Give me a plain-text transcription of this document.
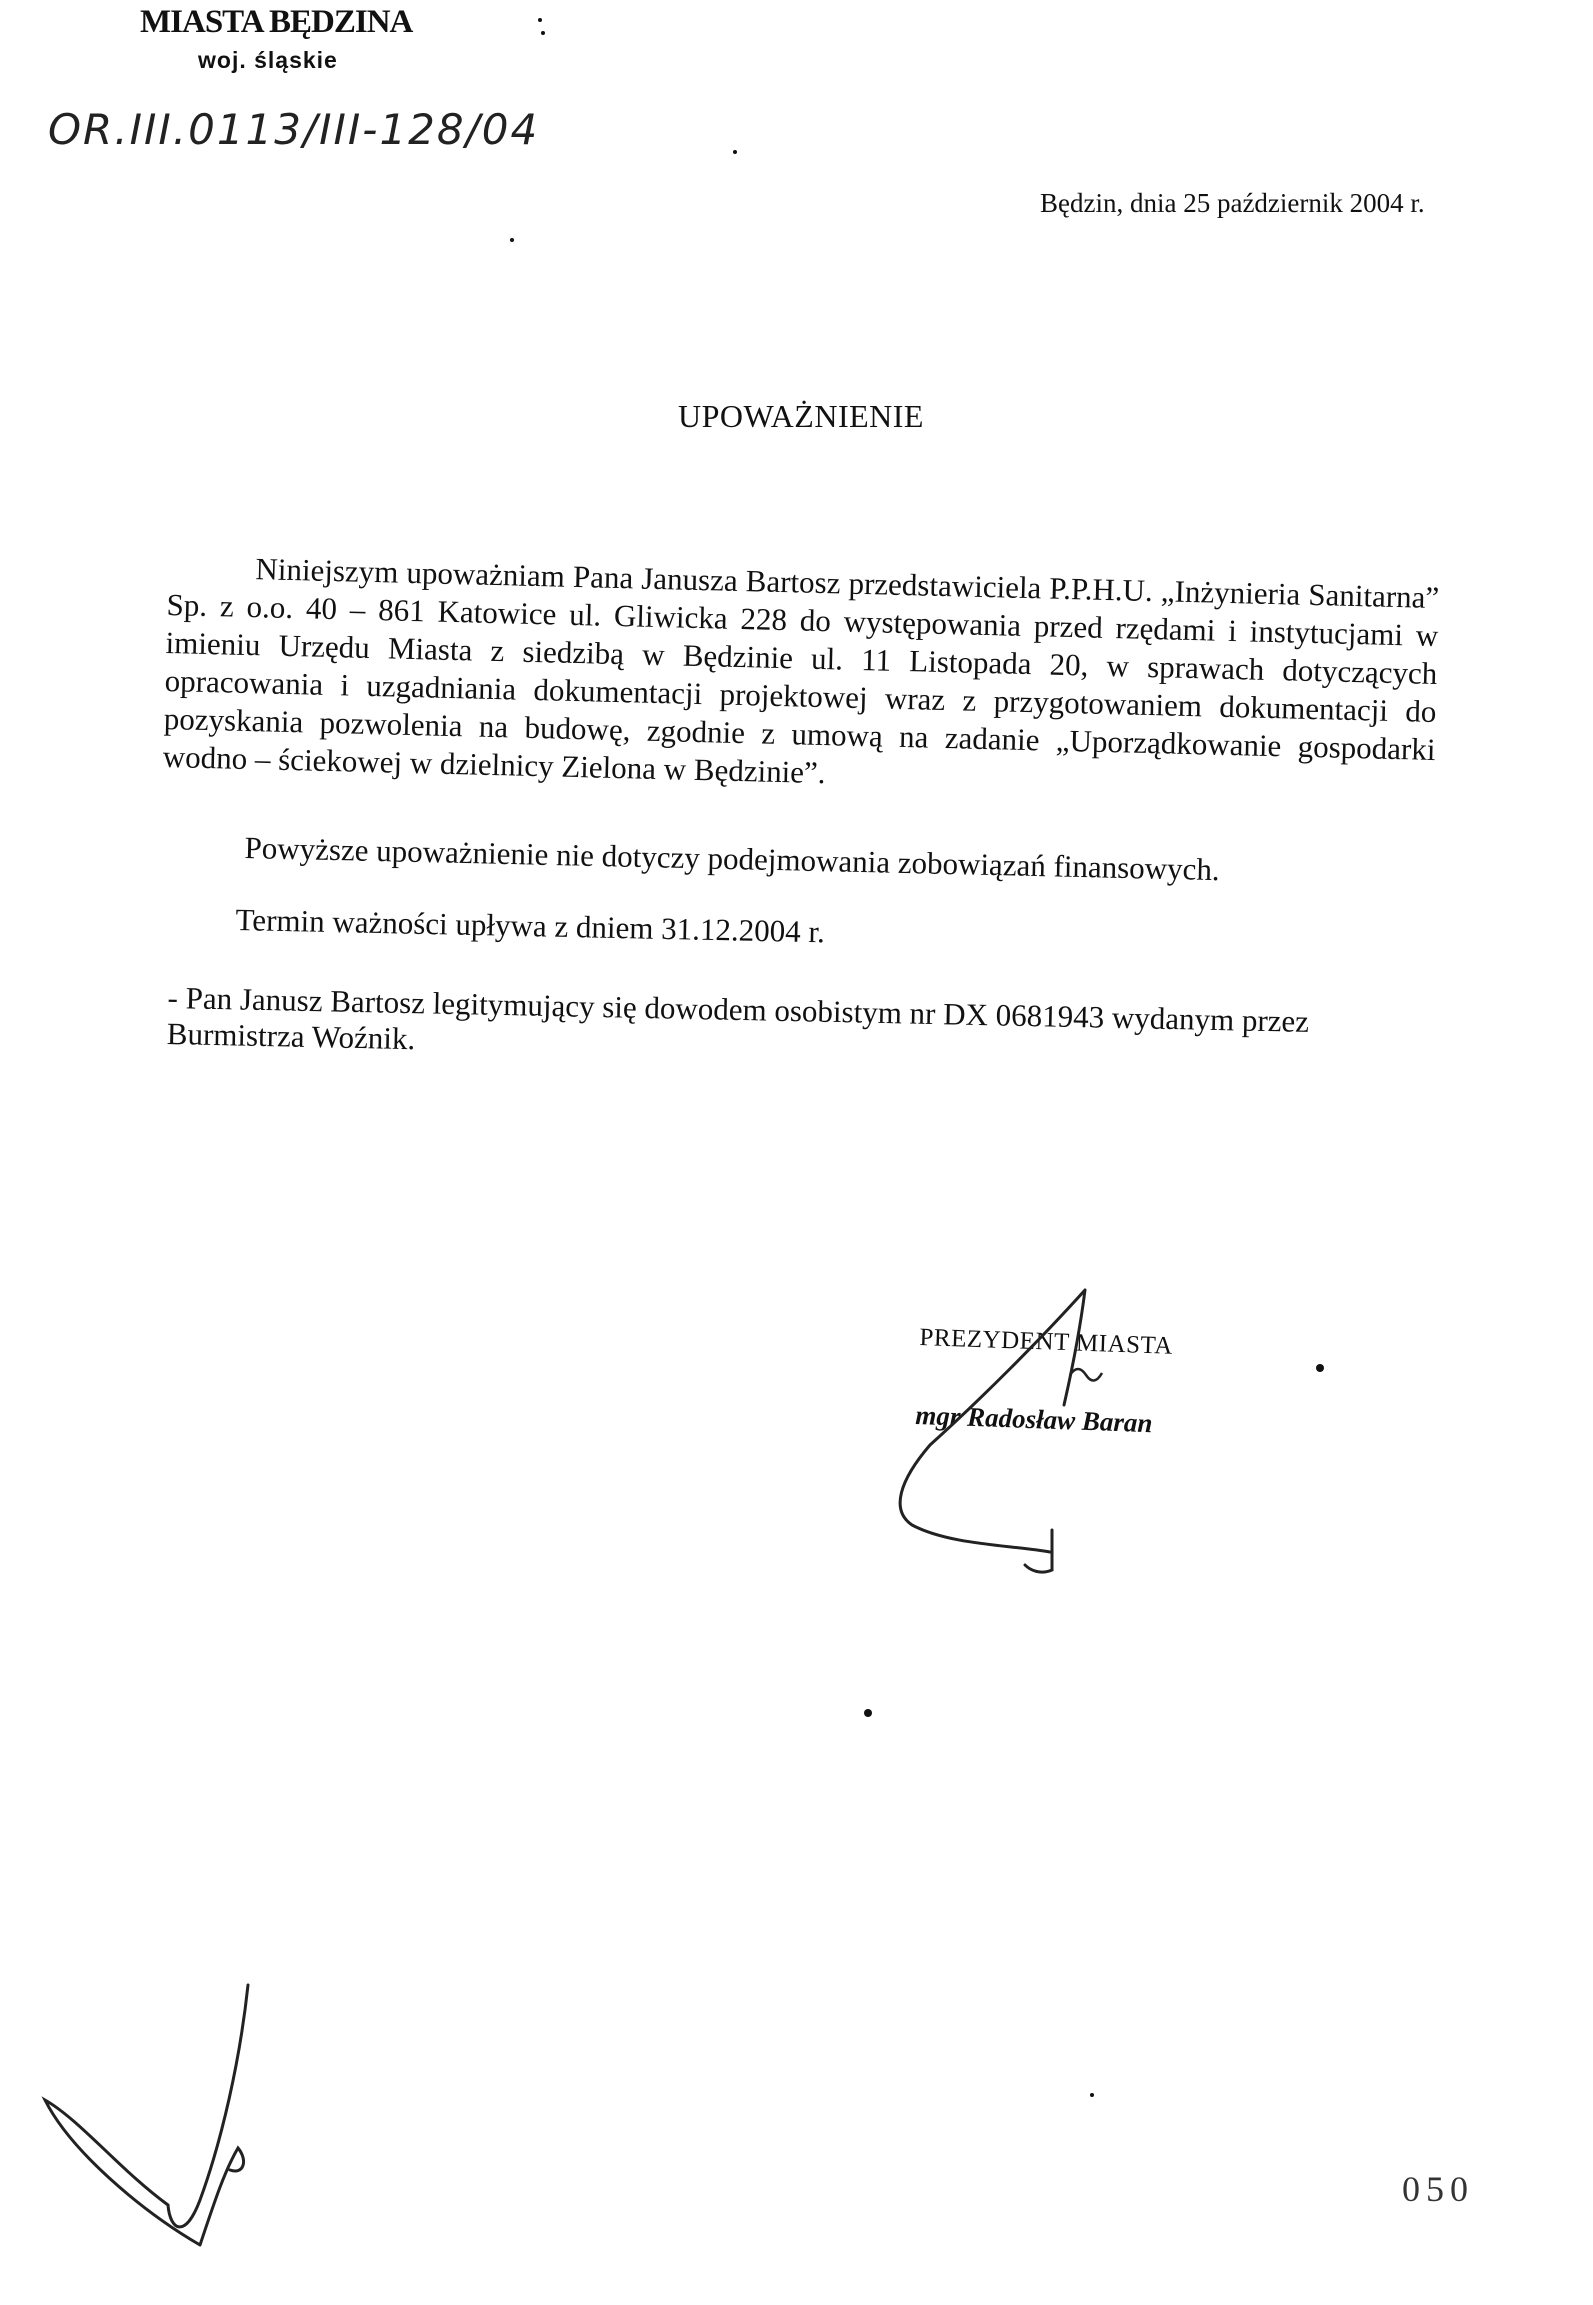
MIASTA BĘDZINA
woj. śląskie
OR.III.0113/III-128/04
Będzin, dnia 25 październik 2004 r.
UPOWAŻNIENIE

Niniejszym upoważniam Pana Janusza Bartosz przedstawiciela P.P.H.U. „Inżynieria Sanitarna” Sp. z o.o. 40 – 861 Katowice ul. Gliwicka 228 do występowania przed rzędami i instytucjami w imieniu Urzędu Miasta z siedzibą w Będzinie ul. 11 Listopada 20, w sprawach dotyczących opracowania i uzgadniania dokumentacji projektowej wraz z przygotowaniem dokumentacji do pozyskania pozwolenia na budowę, zgodnie z umową na zadanie „Uporządkowanie gospodarki wodno – ściekowej w dzielnicy Zielona w Będzinie”.

Powyższe upoważnienie nie dotyczy podejmowania zobowiązań finansowych.
Termin ważności upływa z dniem 31.12.2004 r.
- Pan Janusz Bartosz legitymujący się dowodem osobistym nr DX 0681943 wydanym przez Burmistrza Woźnik.
PREZYDENT MIASTA
mgr Radosław Baran
050
